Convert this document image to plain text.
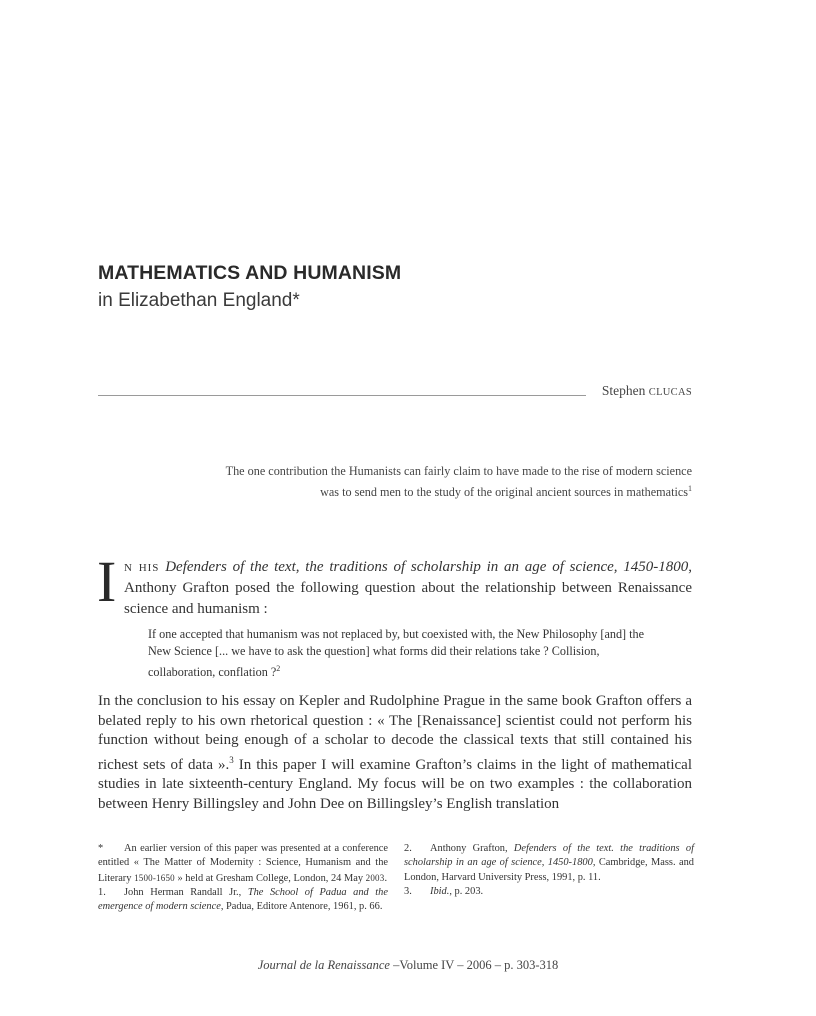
MATHEMATICS AND HUMANISM
in Elizabethan England*
Stephen CLUCAS
The one contribution the Humanists can fairly claim to have made to the rise of modern science
was to send men to the study of the original ancient sources in mathematics$^1$
I N HIS Defenders of the text, the traditions of scholarship in an age of science, 1450-1800, Anthony Grafton posed the following question about the relationship between Renaissance science and humanism :
If one accepted that humanism was not replaced by, but coexisted with, the New Philosophy [and] the New Science [... we have to ask the question] what forms did their relations take ? Collision, collaboration, conflation ?$^2$
In the conclusion to his essay on Kepler and Rudolphine Prague in the same book Grafton offers a belated reply to his own rhetorical question : « The [Renaissance] scientist could not perform his function without being enough of a scholar to decode the classical texts that still contained his richest sets of data ».$^3$ In this paper I will examine Grafton’s claims in the light of mathematical studies in late sixteenth-century England. My focus will be on two examples : the collaboration between Henry Billingsley and John Dee on Billingsley’s English translation

* An earlier version of this paper was presented at a conference entitled « The Matter of Modernity : Science, Humanism and the Literary 1500-1650 » held at Gresham College, London, 24 May 2003.

1. John Herman Randall Jr., The School of Padua and the emergence of modern science, Padua, Editore Antenore, 1961, p. 66.

2. Anthony Grafton, Defenders of the text. the traditions of scholarship in an age of science, 1450-1800, Cambridge, Mass. and London, Harvard University Press, 1991, p. 11.

3. Ibid., p. 203.

Journal de la Renaissance –Volume IV – 2006 – p. 303-318
